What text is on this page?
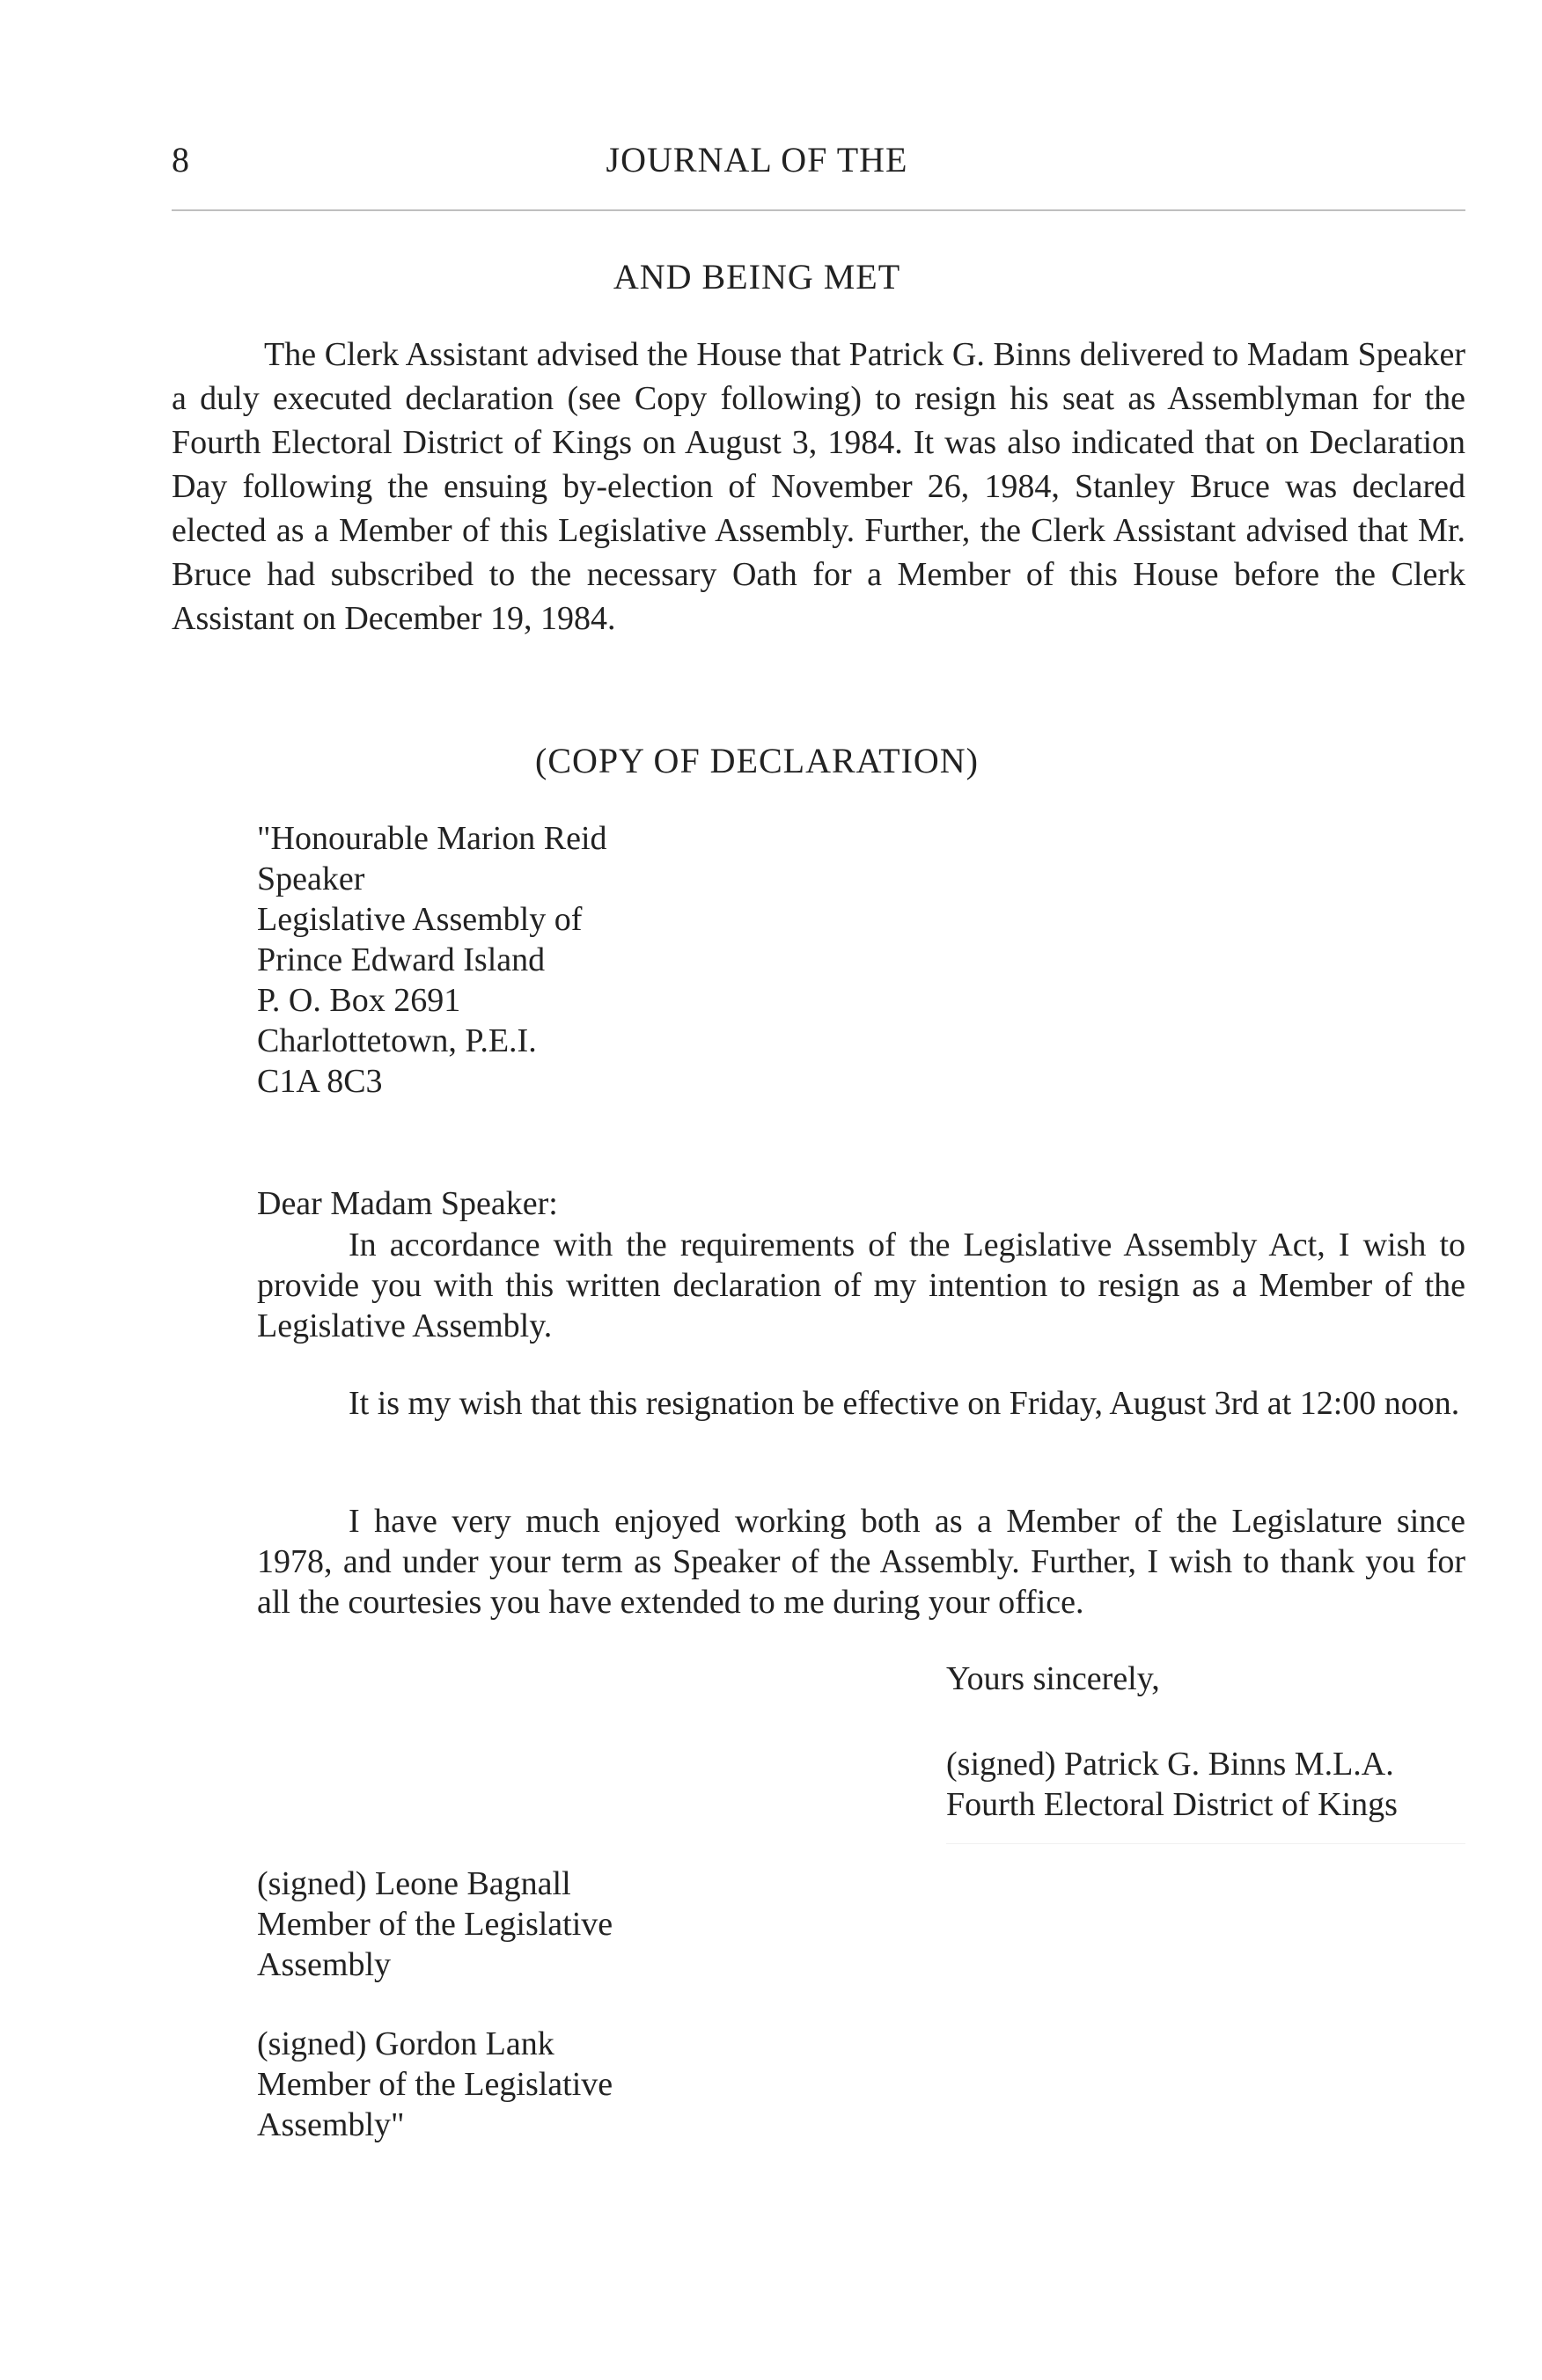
8	JOURNAL OF THE
AND BEING MET

The Clerk Assistant advised the House that Patrick G. Binns delivered to Madam Speaker a duly executed declaration (see Copy following) to resign his seat as Assemblyman for the Fourth Electoral District of Kings on August 3, 1984. It was also indicated that on Declaration Day following the ensuing by-election of November 26, 1984, Stanley Bruce was declared elected as a Member of this Legislative Assembly. Further, the Clerk Assistant advised that Mr. Bruce had subscribed to the necessary Oath for a Member of this House before the Clerk Assistant on December 19, 1984.

(COPY OF DECLARATION)
"Honourable Marion Reid
Speaker
Legislative Assembly of
Prince Edward Island
P. O. Box 2691
Charlottetown, P.E.I.
C1A 8C3
Dear Madam Speaker:

In accordance with the requirements of the Legislative Assembly Act, I wish to provide you with this written declaration of my intention to resign as a Member of the Legislative Assembly.

It is my wish that this resignation be effective on Friday, August 3rd at 12:00 noon.

I have very much enjoyed working both as a Member of the Legislature since 1978, and under your term as Speaker of the Assembly. Further, I wish to thank you for all the courtesies you have extended to me during your office.

Yours sincerely,
(signed) Patrick G. Binns M.L.A.
Fourth Electoral District of Kings
(signed) Leone Bagnall
Member of the Legislative
Assembly
(signed) Gordon Lank
Member of the Legislative
Assembly"
